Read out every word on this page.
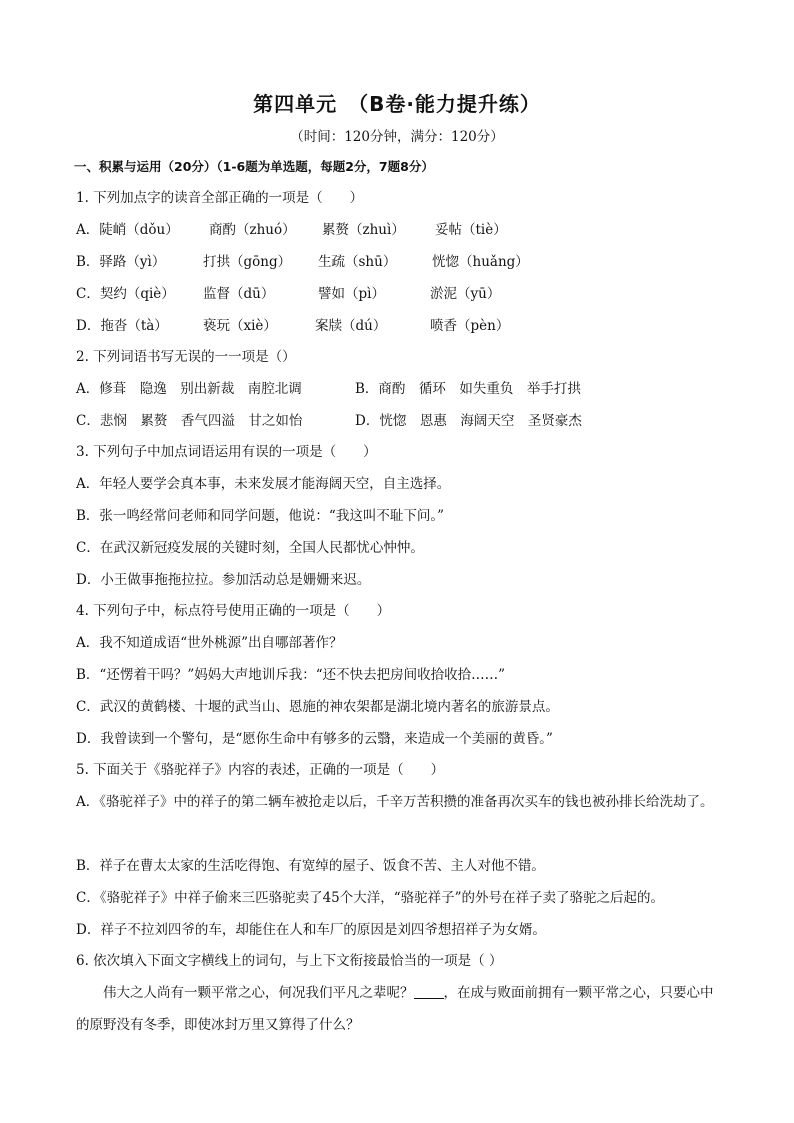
第四单元　（B卷·能力提升练）
（时间：120分钟，满分：120分）
一、积累与运用（20分）（1-6题为单选题，每题2分，7题8分）
1. 下列加点字的读音全部正确的一项是（　　）
A．陡峭（dǒu） 商酌（zhuó） 累赘（zhuì） 妥帖（tiè）
B．驿路（yì）	打拱（gōng） 生疏（shū）	恍惚（huǎng）
C．契约（qiè） 监督（dū）	譬如（pì）	淤泥（yū）
D．拖沓（tà）	亵玩（xiè）	案牍（dú）	喷香（pèn）
2. 下列词语书写无误的一一项是（）
A．修葺　隐逸　别出新裁　南腔北调	B．商酌　循环　如失重负　举手打拱
C．悲悯　累赘　香气四溢　甘之如怡	D．恍惚　恩惠　海阔天空　圣贤豪杰
3. 下列句子中加点词语运用有误的一项是（　　）
A．年轻人要学会真本事，未来发展才能海阔天空，自主选择。
B．张一鸣经常问老师和同学问题，他说：“我这叫不耻下问。”
C．在武汉新冠疫发展的关键时刻，全国人民都忧心忡忡。
D．小王做事拖拖拉拉。参加活动总是姗姗来迟。
4. 下列句子中，标点符号使用正确的一项是（　　）
A．我不知道成语“世外桃源”出自哪部著作？
B．“还愣着干吗？”妈妈大声地训斥我：“还不快去把房间收拾收拾……”
C．武汉的黄鹤楼、十堰的武当山、恩施的神农架都是湖北境内著名的旅游景点。
D．我曾读到一个警句，是“愿你生命中有够多的云翳，来造成一个美丽的黄昏。”
5. 下面关于《骆驼祥子》内容的表述，正确的一项是（　　）
A．《骆驼祥子》中的祥子的第二辆车被抢走以后，千辛万苦积攒的准备再次买车的钱也被孙排长给洗劫了。
B．祥子在曹太太家的生活吃得饱、有宽绰的屋子、饭食不苦、主人对他不错。
C．《骆驼祥子》中祥子偷来三匹骆驼卖了45个大洋，“骆驼祥子”的外号在祥子卖了骆驼之后起的。
D．祥子不拉刘四爷的车，却能住在人和车厂的原因是刘四爷想招祥子为女婿。
6. 依次填入下面文字横线上的词句，与上下文衔接最恰当的一项是（ ）
伟大之人尚有一颗平常之心，何况我们平凡之辈呢？ ，在成与败面前拥有一颗平常之心，只要心中的原野没有冬季，即使冰封万里又算得了什么？
